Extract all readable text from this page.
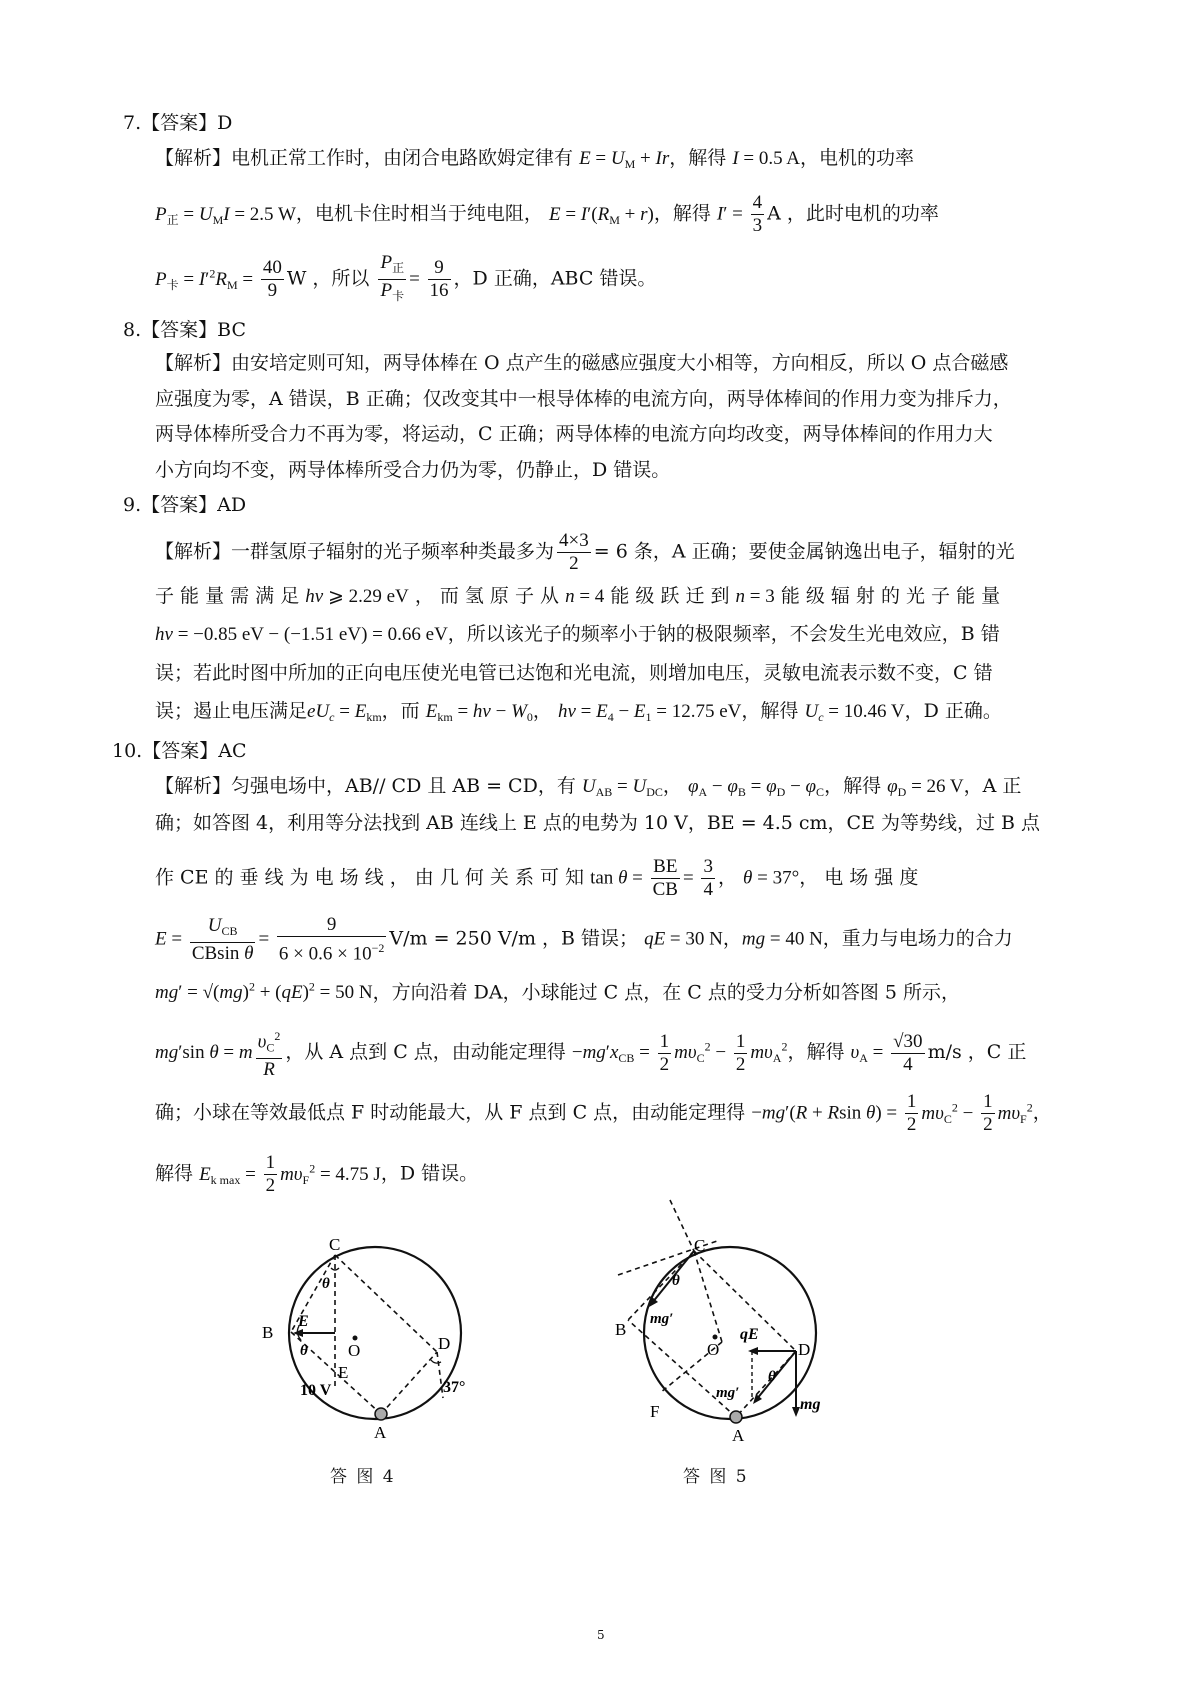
7.【答案】D
【解析】电机正常工作时，由闭合电路欧姆定律有 $E = U_M + Ir$，解得 I = 0.5 A，电机的功率
$P_正 = U_MI = 2.5$ W，电机卡住时相当于纯电阻， $E = I'(R_M + r)$，解得 $I' = \frac{4}{3}$ A ，此时电机的功率
$P_卡 = I'^2R_M = \frac{40}{9}$ W ，所以 $\frac{P_正}{P_卡} = \frac{9}{16}$ ，D 正确，ABC 错误。
8.【答案】BC
【解析】由安培定则可知，两导体棒在 O 点产生的磁感应强度大小相等，方向相反，所以 O 点合磁感
应强度为零，A 错误，B 正确；仅改变其中一根导体棒的电流方向，两导体棒间的作用力变为排斥力，
两导体棒所受合力不再为零，将运动，C 正确；两导体棒的电流方向均改变，两导体棒间的作用力大
小方向均不变，两导体棒所受合力仍为零，仍静止，D 错误。
9.【答案】AD
【解析】一群氢原子辐射的光子频率种类最多为 $\frac{4\times 3}{2} = 6$ 条，A 正确；要使金属钠逸出电子，辐射的光
子 能 量 需 满 足 hν ⩾ 2.29 eV ， 而 氢 原 子 从 n = 4 能 级 跃 迁 到 n = 3 能 级 辐 射 的 光 子 能 量
hν = −0.85 eV − (−1.51 eV) = 0.66 eV，所以该光子的频率小于钠的极限频率，不会发生光电效应，B 错
误；若此时图中所加的正向电压使光电管已达饱和光电流，则增加电压，灵敏电流表示数不变，C 错
误；遏止电压满足$eU_c = E_{km}$，而 $E_{km} = h\nu - W_0$， $h\nu = E_4 - E_1 = 12.75$ eV，解得 $U_c = 10.46$ V，D 正确。
10.【答案】AC
【解析】匀强电场中，AB// CD 且 AB = CD，有 $U_{AB} = U_{DC}$， $\varphi_A - \varphi_B = \varphi_D - \varphi_C$，解得 $\varphi_D = 26$ V，A 正
确；如答图 4，利用等分法找到 AB 连线上 E 点的电势为 10 V，BE = 4.5 cm，CE 为等势线，过 B 点
作 CE 的 垂 线 为 电 场 线 ， 由 几 何 关 系 可 知 $\tan \theta = \frac{BE}{CB} = \frac{3}{4}$ ， θ = 37°， 电 场 强 度
$E = \frac{U_{CB}}{\text{CBsin θ}} = \frac{9}{6 \times 0.6 \times 10^{-2}} V/m = 250$ V/m ，B 错误； qE = 30 N，mg = 40 N，重力与电场力的合力
mg′ = √(mg)$^2$ + (qE)$^2$ = 50 N，方向沿着 DA，小球能过 C 点，在 C 点的受力分析如答图 5 所示，
mg′sin θ = m $\frac{\upsilon_C^2}{R}$ ，从 A 点到 C 点，由动能定理得 $-mg'x_{CB} = \frac{1}{2} m\upsilon_C^2 - \frac{1}{2} m\upsilon_A^2$，解得 $\upsilon_A = \frac{√30}{4} m/s$ ，C 正
确；小球在等效最低点 F 时动能最大，从 F 点到 C 点，由动能定理得 −mg′(R + Rsin $\theta) = \frac{1}{2} m\upsilon_C^2 - \frac{1}{2} m\upsilon_F^2$，
解得 $E_{k max} = \frac{1}{2} m\upsilon_F^2 = 4.75$ J，D 错误。
C
B
O
E
D
A
10 V	37°
θ
θ
E
答 图 4
C
B
O	D
A
F
qE
mg′
mg′
mg
θ
θ
答 图 5
5
